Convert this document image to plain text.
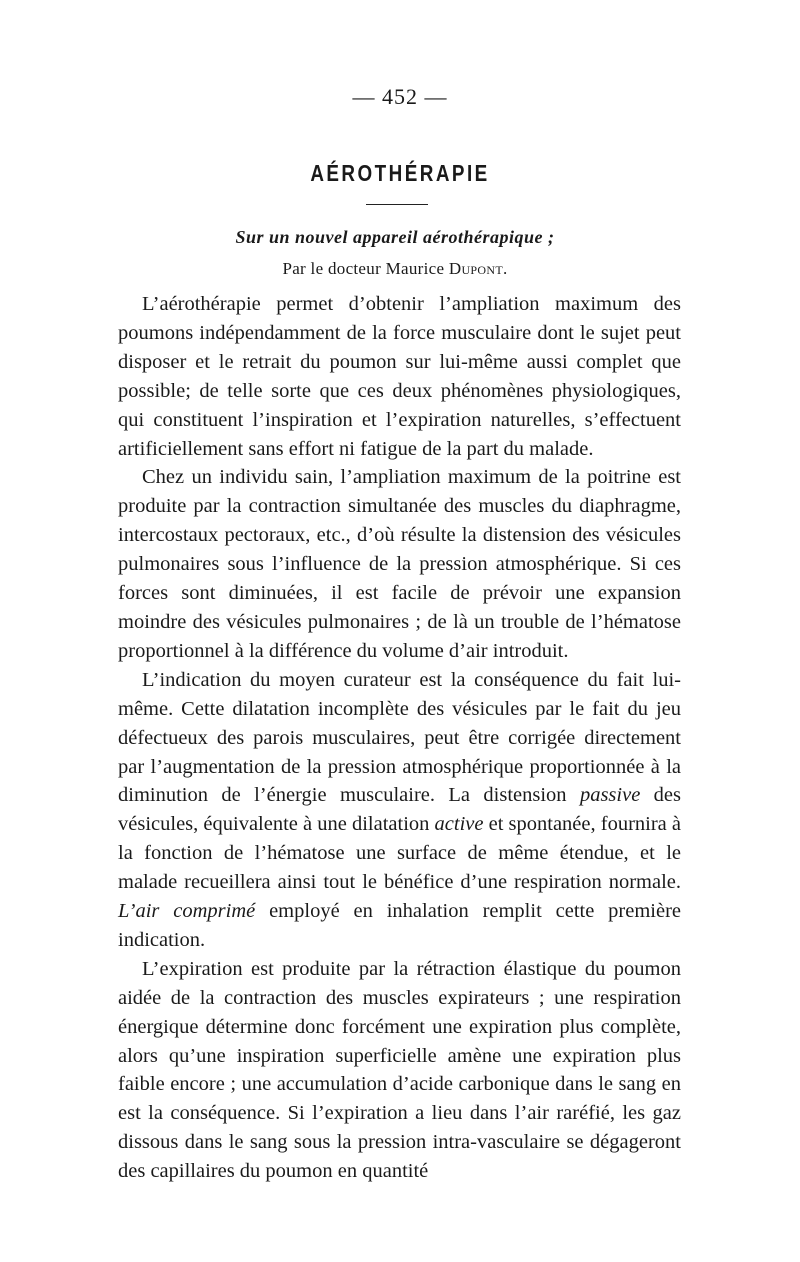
— 452 —
AÉROTHÉRAPIE
Sur un nouvel appareil aérothérapique ;
Par le docteur Maurice Dupont.

L’aérothérapie permet d’obtenir l’ampliation maximum des poumons indépendamment de la force musculaire dont le sujet peut disposer et le retrait du poumon sur lui-même aussi complet que possible; de telle sorte que ces deux phénomènes physiologiques, qui constituent l’inspiration et l’expiration naturelles, s’effectuent artificiellement sans effort ni fatigue de la part du malade.

Chez un individu sain, l’ampliation maximum de la poitrine est produite par la contraction simultanée des muscles du diaphragme, intercostaux pectoraux, etc., d’où résulte la distension des vésicules pulmonaires sous l’influence de la pression atmosphérique. Si ces forces sont diminuées, il est facile de prévoir une expansion moindre des vésicules pulmonaires ; de là un trouble de l’hématose proportionnel à la différence du volume d’air introduit.

L’indication du moyen curateur est la conséquence du fait lui-même. Cette dilatation incomplète des vésicules par le fait du jeu défectueux des parois musculaires, peut être corrigée directement par l’augmentation de la pression atmosphérique proportionnée à la diminution de l’énergie musculaire. La distension passive des vésicules, équivalente à une dilatation active et spontanée, fournira à la fonction de l’hématose une surface de même étendue, et le malade recueillera ainsi tout le bénéfice d’une respiration normale. L’air comprimé employé en inhalation remplit cette première indication.

L’expiration est produite par la rétraction élastique du poumon aidée de la contraction des muscles expirateurs ; une respiration énergique détermine donc forcément une expiration plus complète, alors qu’une inspiration superficielle amène une expiration plus faible encore ; une accumulation d’acide carbonique dans le sang en est la conséquence. Si l’expiration a lieu dans l’air raréfié, les gaz dissous dans le sang sous la pression intra-vasculaire se dégageront des capillaires du poumon en quantité
